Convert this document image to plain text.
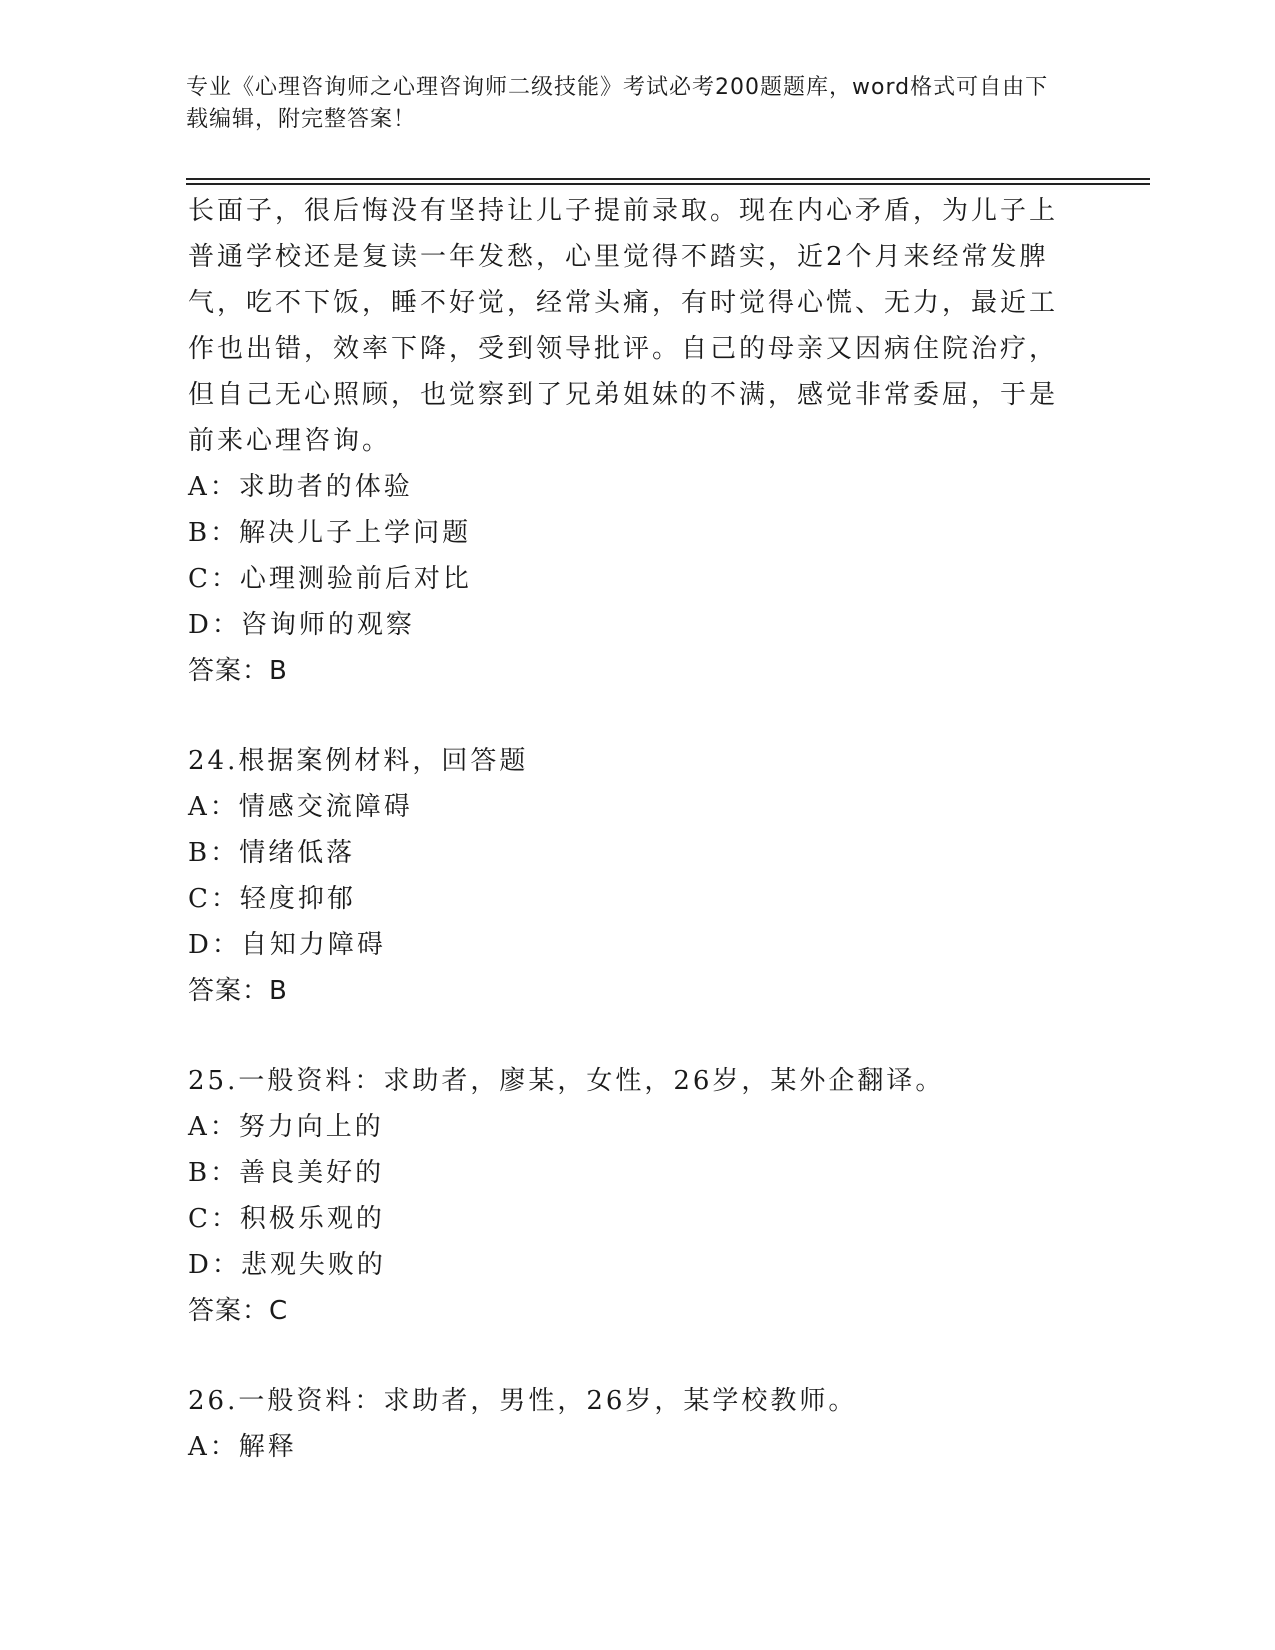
专业《心理咨询师之心理咨询师二级技能》考试必考200题题库，word格式可自由下载编辑，附完整答案！
长面子，很后悔没有坚持让儿子提前录取。现在内心矛盾，为儿子上
普通学校还是复读一年发愁，心里觉得不踏实，近2个月来经常发脾
气，吃不下饭，睡不好觉，经常头痛，有时觉得心慌、无力，最近工
作也出错，效率下降，受到领导批评。自己的母亲又因病住院治疗，
但自己无心照顾，也觉察到了兄弟姐妹的不满，感觉非常委屈，于是
前来心理咨询。
A：求助者的体验
B：解决儿子上学问题
C：心理测验前后对比
D：咨询师的观察
答案：B
24.根据案例材料，回答题
A：情感交流障碍
B：情绪低落
C：轻度抑郁
D：自知力障碍
答案：B
25.一般资料：求助者，廖某，女性，26岁，某外企翻译。
A：努力向上的
B：善良美好的
C：积极乐观的
D：悲观失败的
答案：C
26.一般资料：求助者，男性，26岁，某学校教师。
A：解释
